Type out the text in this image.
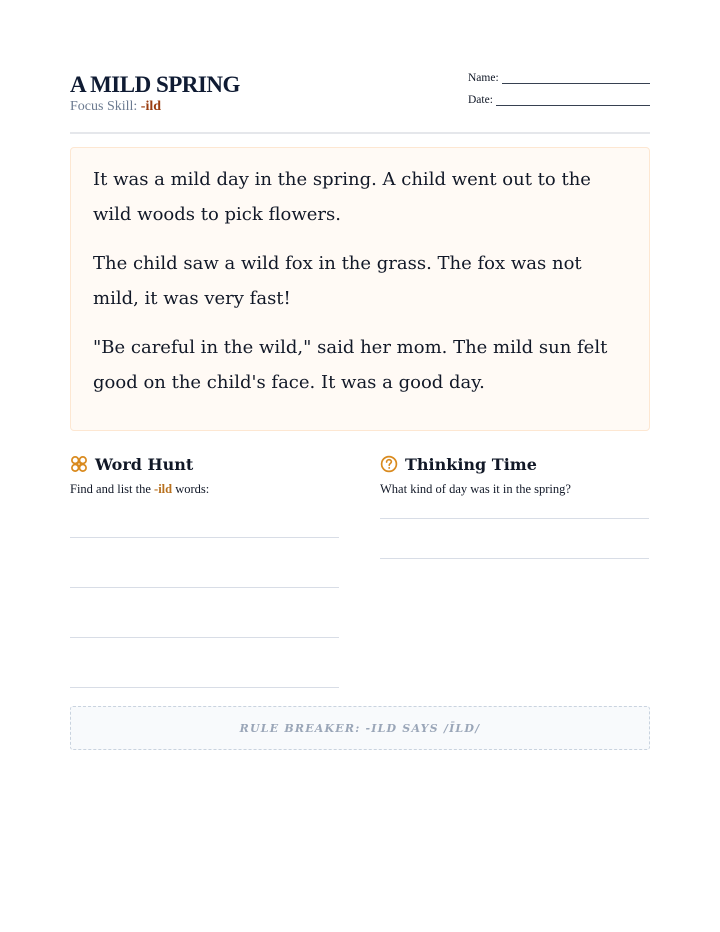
A MILD SPRING
Focus Skill: -ild
Name:
Date:

It was a mild day in the spring. A child went out to the wild woods to pick flowers.

The child saw a wild fox in the grass. The fox was not mild, it was very fast!

"Be careful in the wild," said her mom. The mild sun felt good on the child's face. It was a good day.

Word Hunt
Find and list the -ild words:
Thinking Time
What kind of day was it in the spring?
RULE BREAKER: -ILD SAYS /ĪLD/
